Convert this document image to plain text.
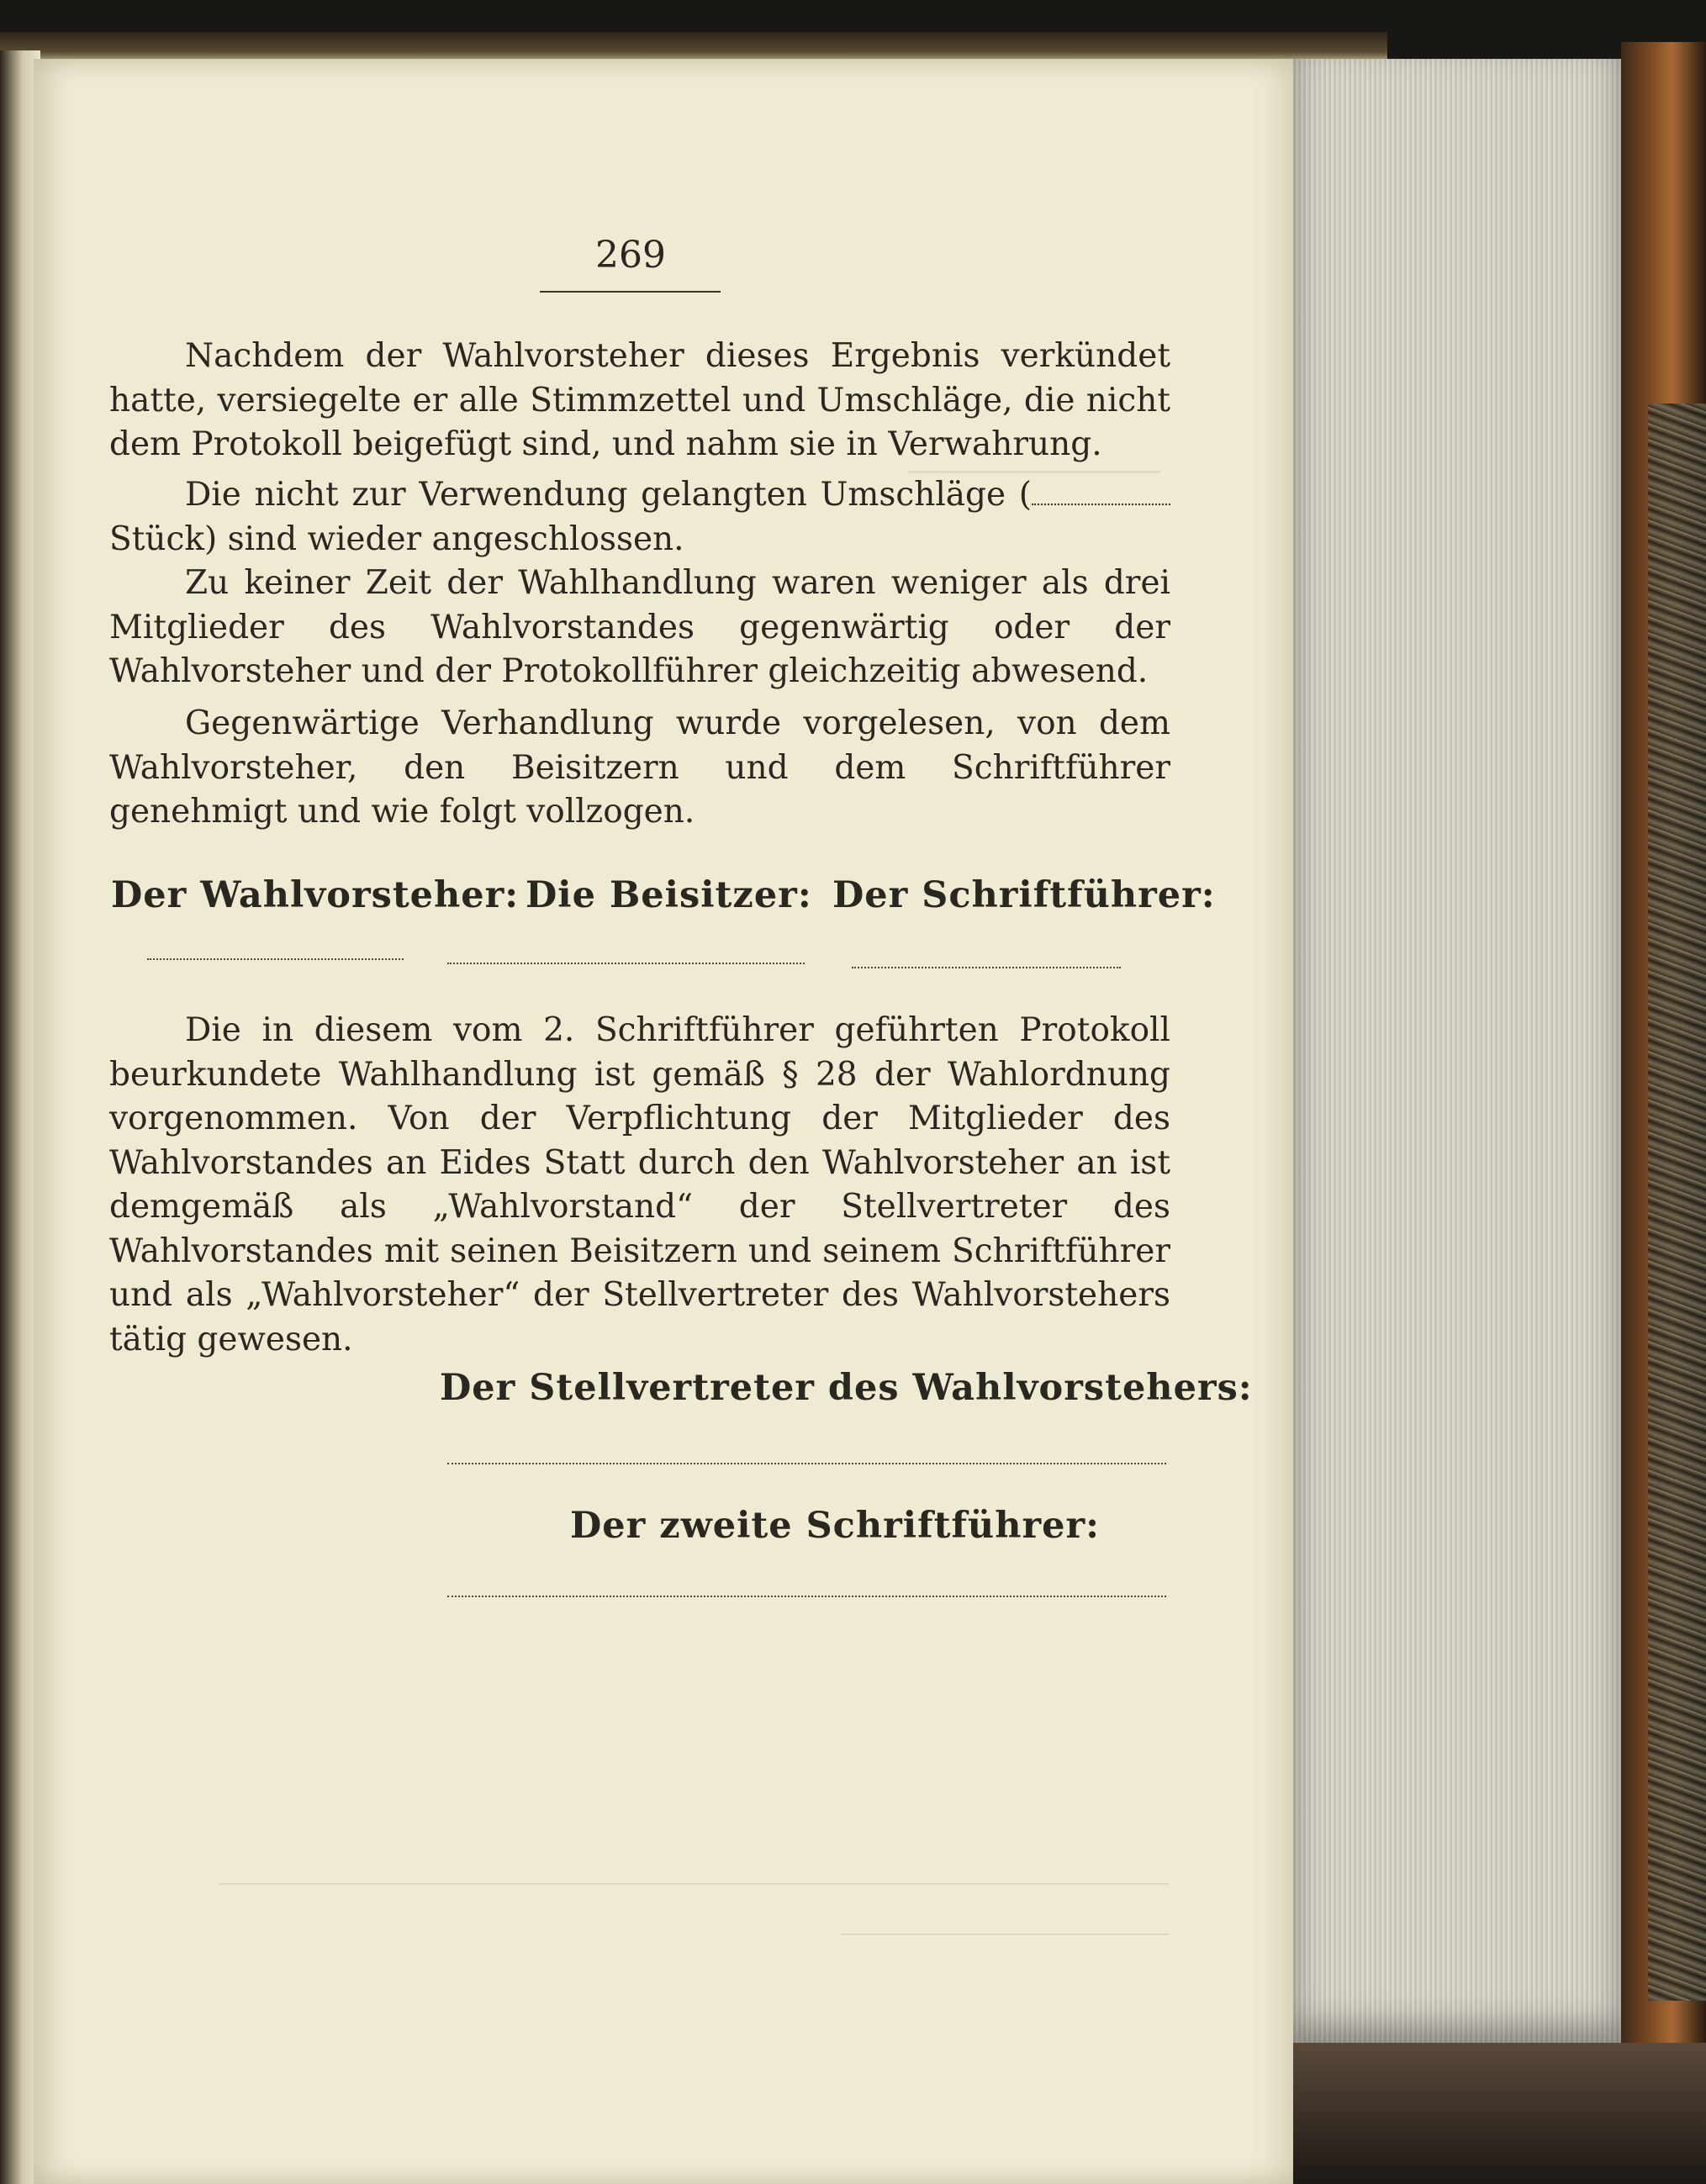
269

Nachdem der Wahlvorsteher dieses Ergebnis verkündet hatte, versiegelte er alle Stimmzettel und Umschläge, die nicht dem Protokoll beigefügt sind, und nahm sie in Verwahrung.

Die nicht zur Verwendung gelangten Umschläge (Stück) sind wieder angeschlossen.

Zu keiner Zeit der Wahlhandlung waren weniger als drei Mitglieder des Wahlvorstandes gegenwärtig oder der Wahlvorsteher und der Protokollführer gleichzeitig abwesend.

Gegenwärtige Verhandlung wurde vorgelesen, von dem Wahlvorsteher, den Beisitzern und dem Schriftführer genehmigt und wie folgt vollzogen.

Der Wahlvorsteher: Die Beisitzer: Der Schriftführer:

Die in diesem vom 2. Schriftführer geführten Protokoll beurkundete Wahlhandlung ist gemäß § 28 der Wahlordnung vorgenommen. Von der Verpflichtung der Mitglieder des Wahlvorstandes an Eides Statt durch den Wahlvorsteher an ist demgemäß als „Wahlvorstand“ der Stellvertreter des Wahlvorstandes mit seinen Beisitzern und seinem Schriftführer und als „Wahlvorsteher“ der Stellvertreter des Wahlvorstehers tätig gewesen.

Der Stellvertreter des Wahlvorstehers:
Der zweite Schriftführer:
